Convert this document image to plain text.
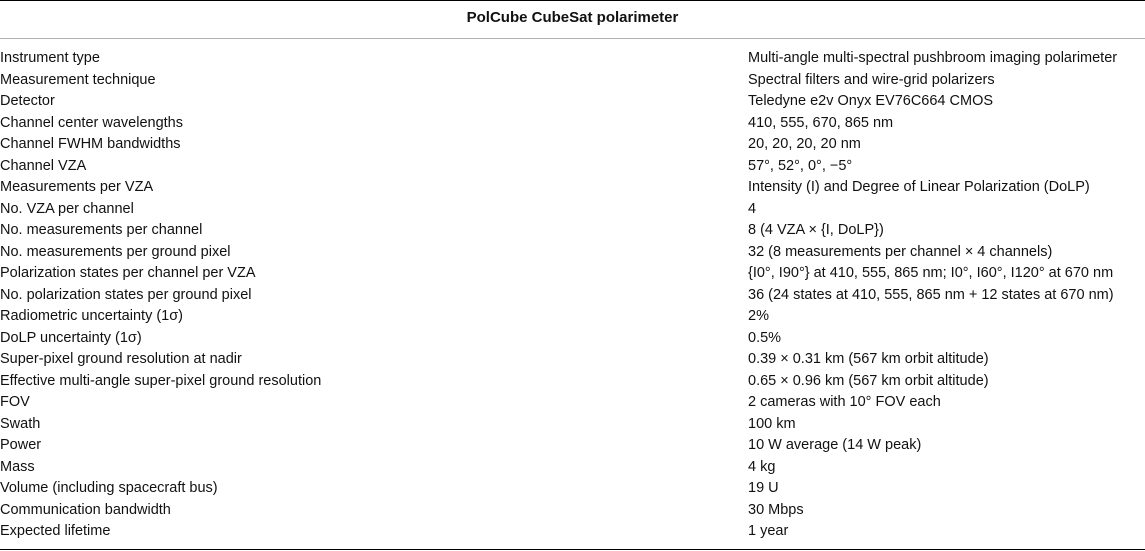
PolCube CubeSat polarimeter
Instrument type	Multi-angle multi-spectral pushbroom imaging polarimeter
Measurement technique	Spectral filters and wire-grid polarizers
Detector	Teledyne e2v Onyx EV76C664 CMOS
Channel center wavelengths	410, 555, 670, 865 nm
Channel FWHM bandwidths	20, 20, 20, 20 nm
Channel VZA	57°, 52°, 0°, −5°
Measurements per VZA	Intensity (I) and Degree of Linear Polarization (DoLP)
No. VZA per channel	4
No. measurements per channel	8 (4 VZA × {I, DoLP})
No. measurements per ground pixel	32 (8 measurements per channel × 4 channels)
Polarization states per channel per VZA	{I0°, I90°} at 410, 555, 865 nm; I0°, I60°, I120° at 670 nm
No. polarization states per ground pixel	36 (24 states at 410, 555, 865 nm + 12 states at 670 nm)
Radiometric uncertainty (1σ)	2%
DoLP uncertainty (1σ)	0.5%
Super-pixel ground resolution at nadir	0.39 × 0.31 km (567 km orbit altitude)
Effective multi-angle super-pixel ground resolution	0.65 × 0.96 km (567 km orbit altitude)
FOV	2 cameras with 10° FOV each
Swath	100 km
Power	10 W average (14 W peak)
Mass	4 kg
Volume (including spacecraft bus)	19 U
Communication bandwidth	30 Mbps
Expected lifetime	1 year
